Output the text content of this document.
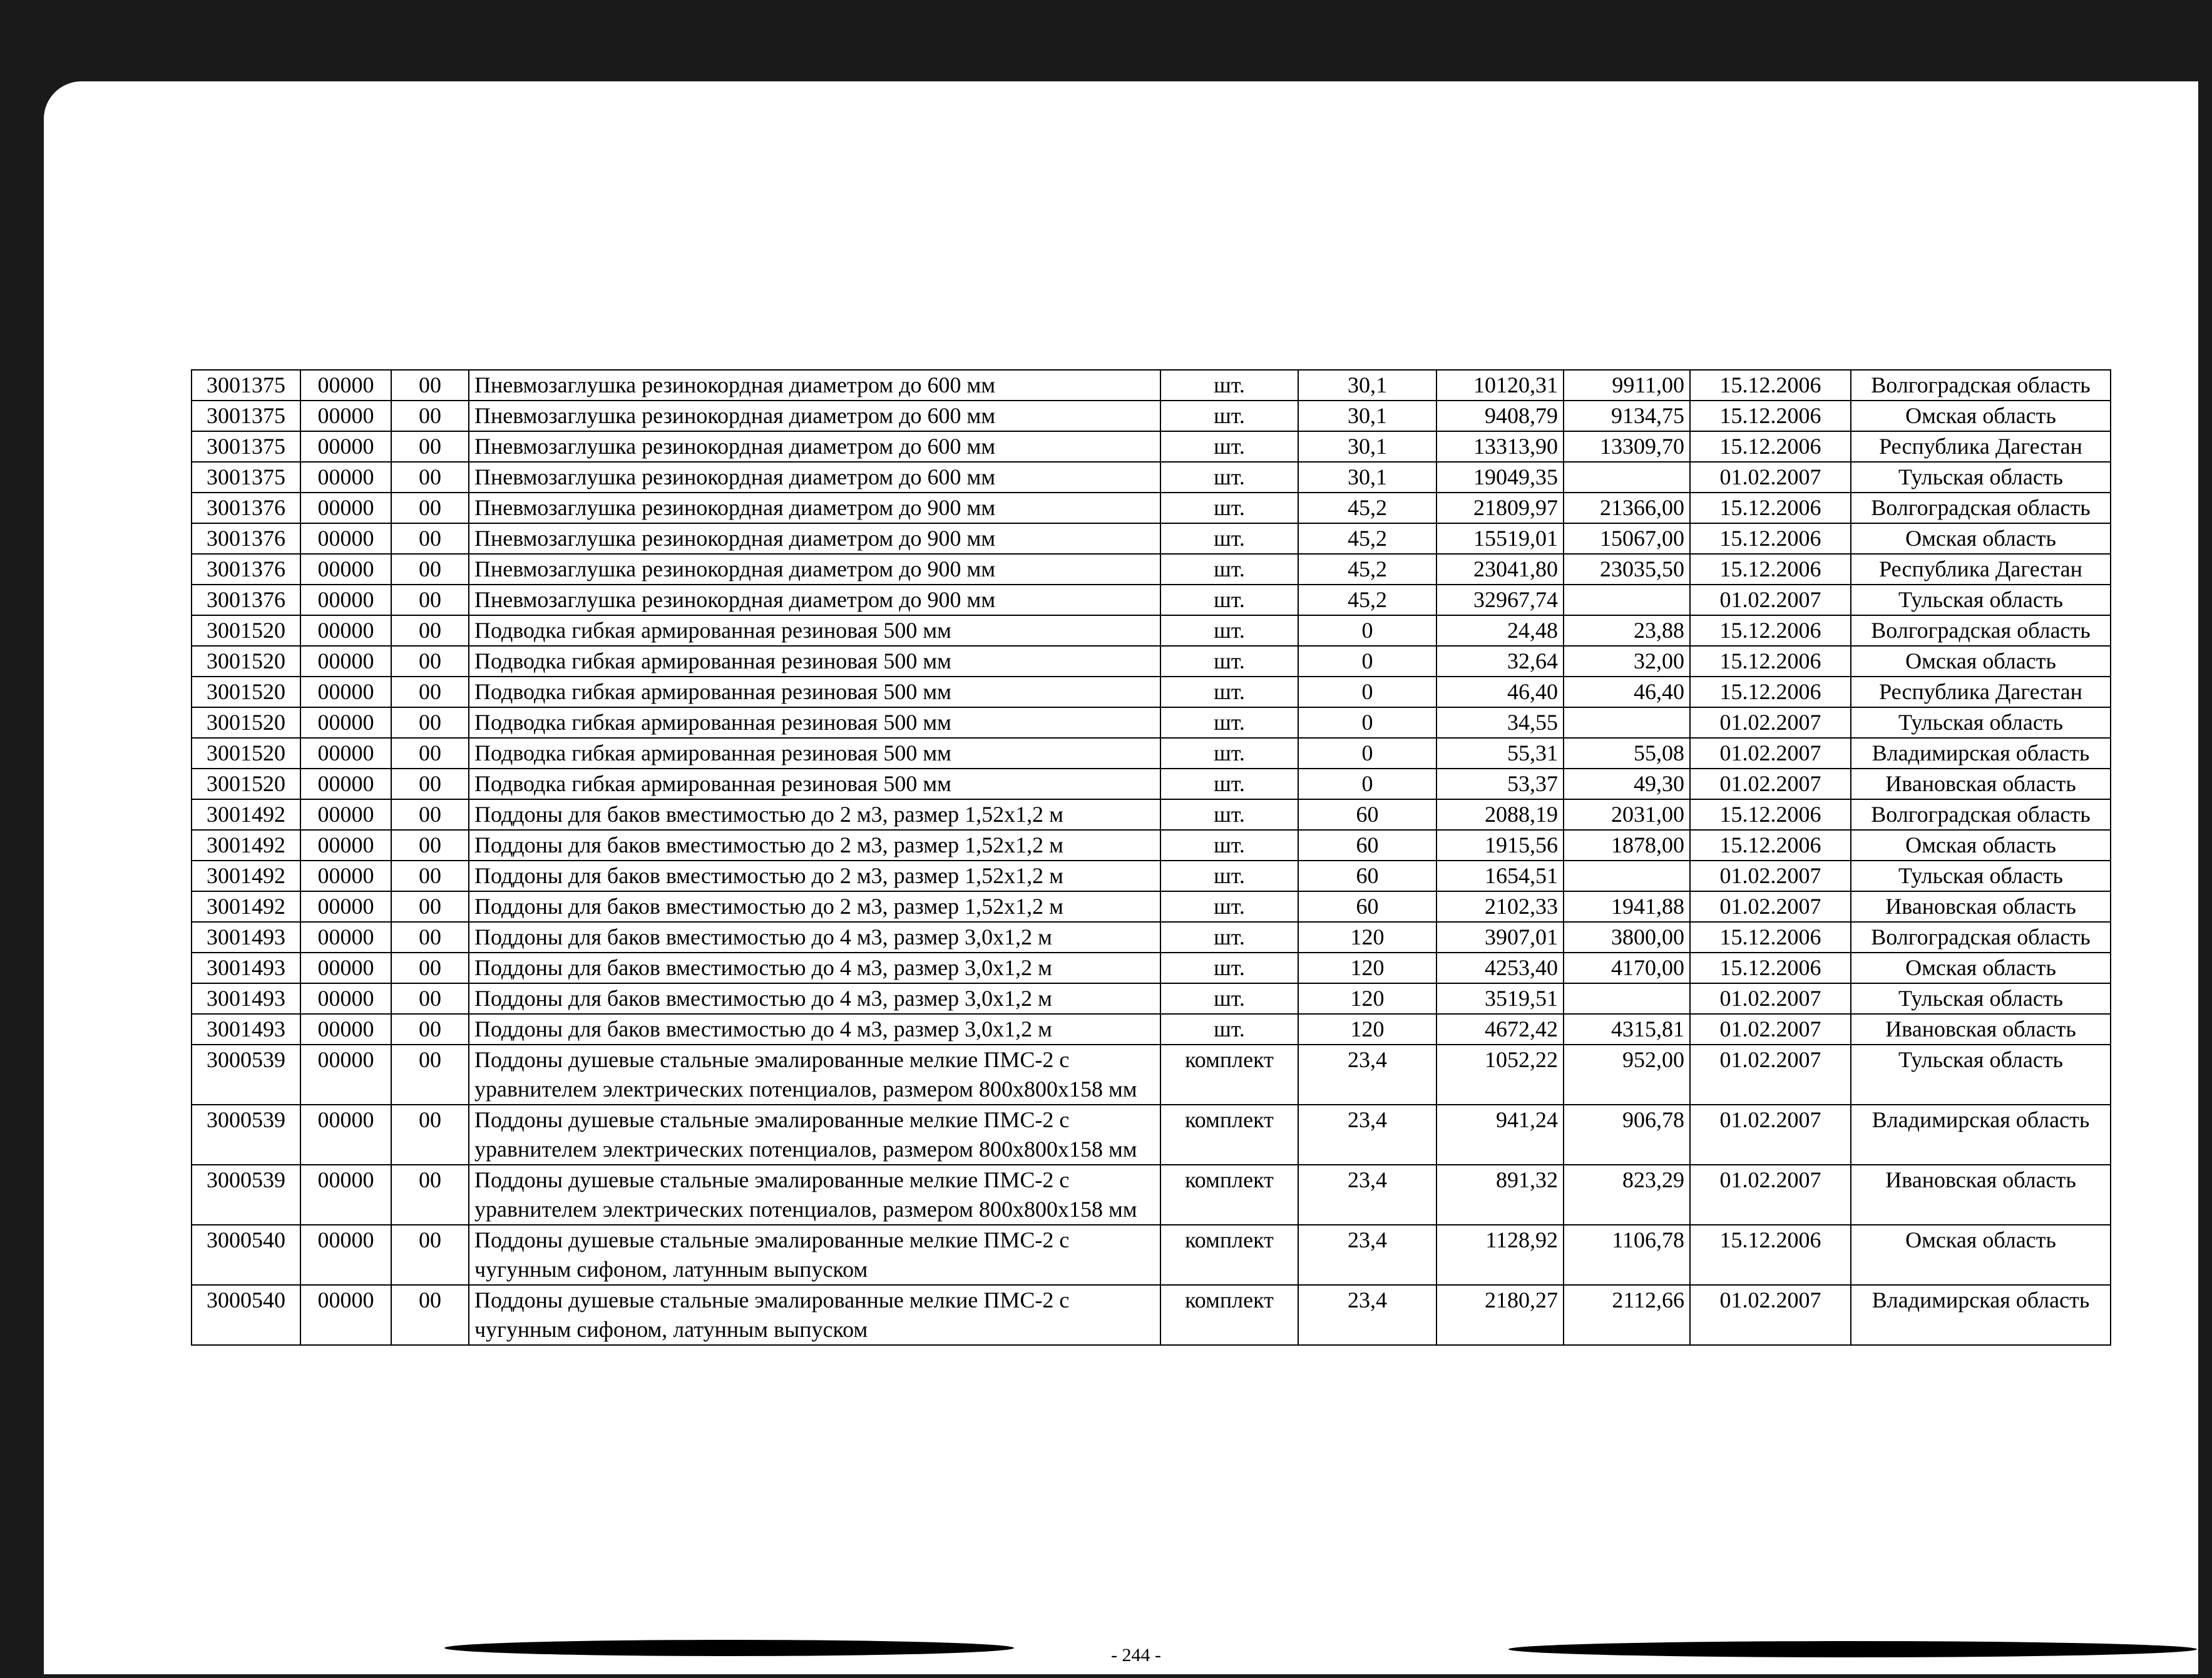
3001375	00000	00	Пневмозаглушка резинокордная диаметром до 600 мм	шт.	30,1	10120,31	9911,00	15.12.2006	Волгоградская область
3001375	00000	00	Пневмозаглушка резинокордная диаметром до 600 мм	шт.	30,1	9408,79	9134,75	15.12.2006	Омская область
3001375	00000	00	Пневмозаглушка резинокордная диаметром до 600 мм	шт.	30,1	13313,90	13309,70	15.12.2006	Республика Дагестан
3001375	00000	00	Пневмозаглушка резинокордная диаметром до 600 мм	шт.	30,1	19049,35		01.02.2007	Тульская область
3001376	00000	00	Пневмозаглушка резинокордная диаметром до 900 мм	шт.	45,2	21809,97	21366,00	15.12.2006	Волгоградская область
3001376	00000	00	Пневмозаглушка резинокордная диаметром до 900 мм	шт.	45,2	15519,01	15067,00	15.12.2006	Омская область
3001376	00000	00	Пневмозаглушка резинокордная диаметром до 900 мм	шт.	45,2	23041,80	23035,50	15.12.2006	Республика Дагестан
3001376	00000	00	Пневмозаглушка резинокордная диаметром до 900 мм	шт.	45,2	32967,74		01.02.2007	Тульская область
3001520	00000	00	Подводка гибкая армированная резиновая 500 мм	шт.	0	24,48	23,88	15.12.2006	Волгоградская область
3001520	00000	00	Подводка гибкая армированная резиновая 500 мм	шт.	0	32,64	32,00	15.12.2006	Омская область
3001520	00000	00	Подводка гибкая армированная резиновая 500 мм	шт.	0	46,40	46,40	15.12.2006	Республика Дагестан
3001520	00000	00	Подводка гибкая армированная резиновая 500 мм	шт.	0	34,55		01.02.2007	Тульская область
3001520	00000	00	Подводка гибкая армированная резиновая 500 мм	шт.	0	55,31	55,08	01.02.2007	Владимирская область
3001520	00000	00	Подводка гибкая армированная резиновая 500 мм	шт.	0	53,37	49,30	01.02.2007	Ивановская область
3001492	00000	00	Поддоны для баков вместимостью до 2 м3, размер 1,52x1,2 м	шт.	60	2088,19	2031,00	15.12.2006	Волгоградская область
3001492	00000	00	Поддоны для баков вместимостью до 2 м3, размер 1,52x1,2 м	шт.	60	1915,56	1878,00	15.12.2006	Омская область
3001492	00000	00	Поддоны для баков вместимостью до 2 м3, размер 1,52x1,2 м	шт.	60	1654,51		01.02.2007	Тульская область
3001492	00000	00	Поддоны для баков вместимостью до 2 м3, размер 1,52x1,2 м	шт.	60	2102,33	1941,88	01.02.2007	Ивановская область
3001493	00000	00	Поддоны для баков вместимостью до 4 м3, размер 3,0x1,2 м	шт.	120	3907,01	3800,00	15.12.2006	Волгоградская область
3001493	00000	00	Поддоны для баков вместимостью до 4 м3, размер 3,0x1,2 м	шт.	120	4253,40	4170,00	15.12.2006	Омская область
3001493	00000	00	Поддоны для баков вместимостью до 4 м3, размер 3,0x1,2 м	шт.	120	3519,51		01.02.2007	Тульская область
3001493	00000	00	Поддоны для баков вместимостью до 4 м3, размер 3,0x1,2 м	шт.	120	4672,42	4315,81	01.02.2007	Ивановская область
3000539	00000	00	Поддоны душевые стальные эмалированные мелкие ПМС-2 с уравнителем электрических потенциалов, размером 800x800x158 мм	комплект	23,4	1052,22	952,00	01.02.2007	Тульская область
3000539	00000	00	Поддоны душевые стальные эмалированные мелкие ПМС-2 с уравнителем электрических потенциалов, размером 800x800x158 мм	комплект	23,4	941,24	906,78	01.02.2007	Владимирская область
3000539	00000	00	Поддоны душевые стальные эмалированные мелкие ПМС-2 с уравнителем электрических потенциалов, размером 800x800x158 мм	комплект	23,4	891,32	823,29	01.02.2007	Ивановская область
3000540	00000	00	Поддоны душевые стальные эмалированные мелкие ПМС-2 с чугунным сифоном, латунным выпуском	комплект	23,4	1128,92	1106,78	15.12.2006	Омская область
3000540	00000	00	Поддоны душевые стальные эмалированные мелкие ПМС-2 с чугунным сифоном, латунным выпуском	комплект	23,4	2180,27	2112,66	01.02.2007	Владимирская область
- 244 -
